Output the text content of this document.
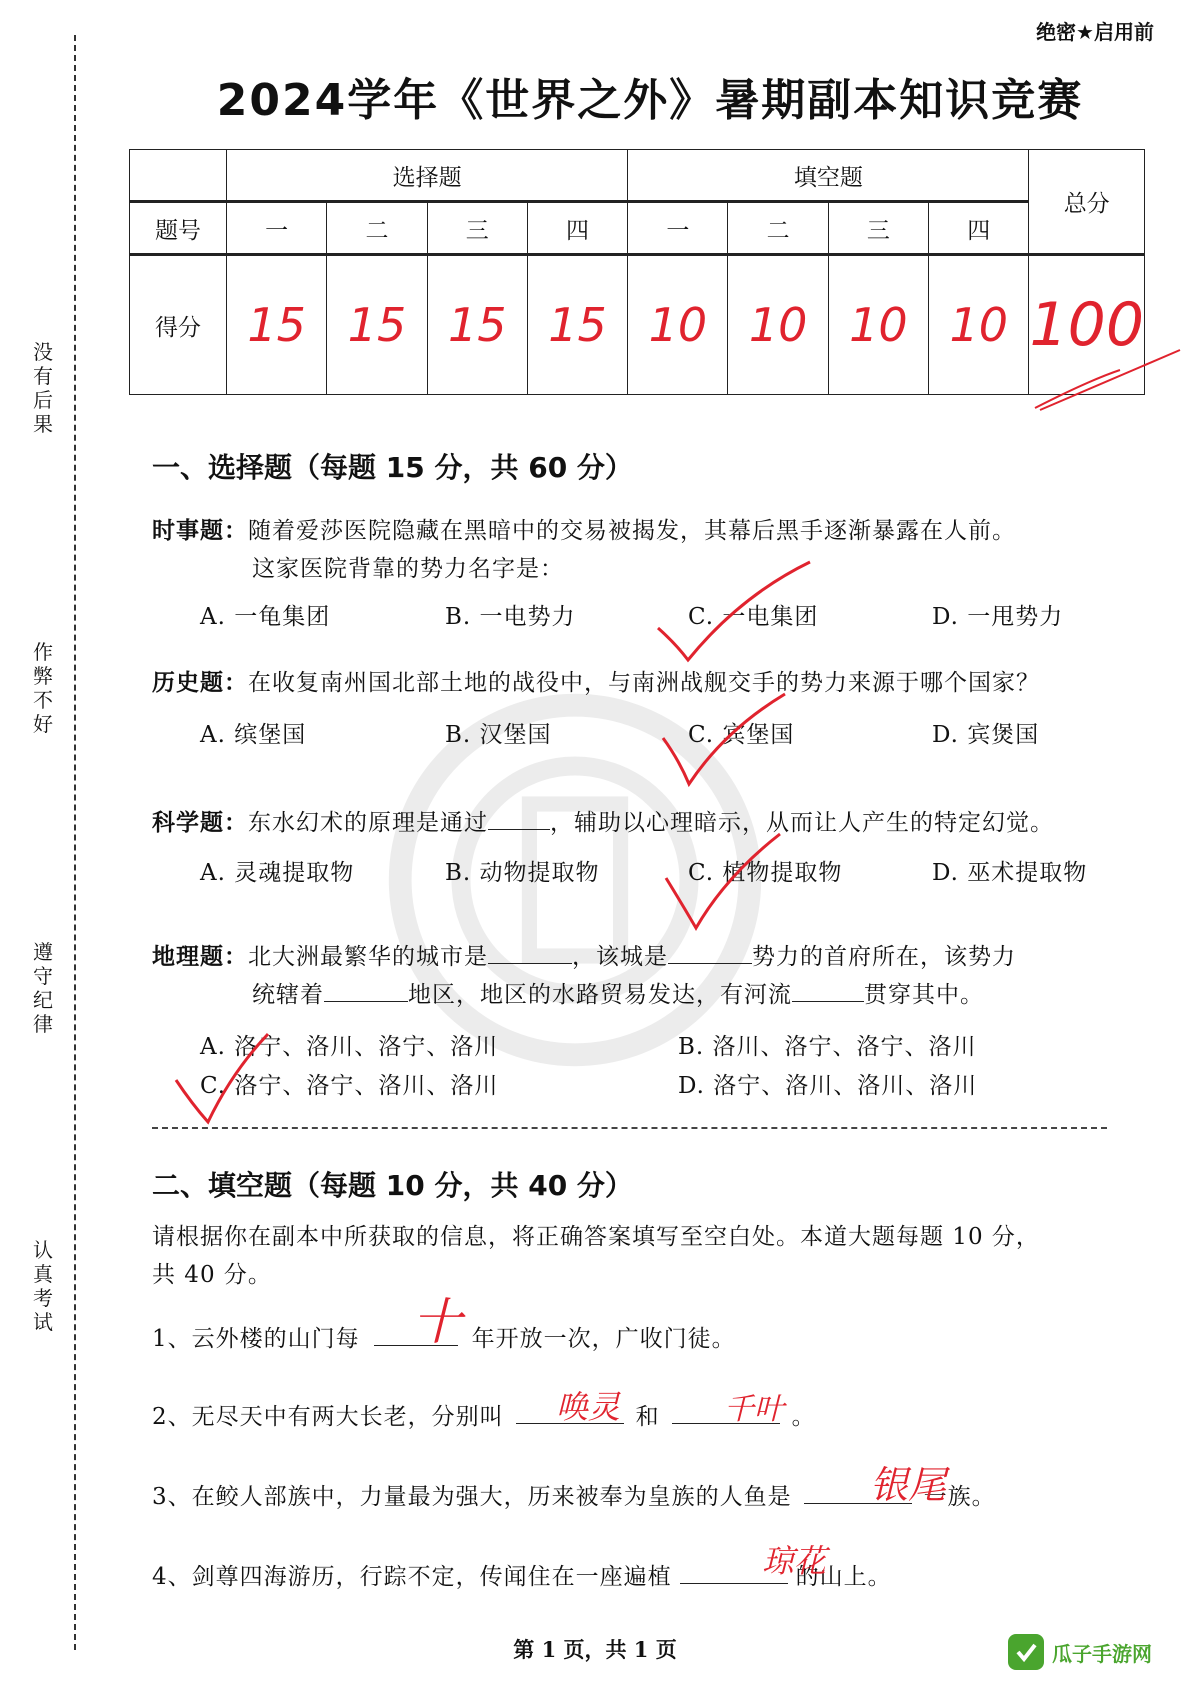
没有后果
作弊不好
遵守纪律
认真考试
绝密★启用前
2024学年《世界之外》暑期副本知识竞赛
	选择题				填空题				总分
题号	一	二	三	四	一	二	三	四	
得分	15	15	15	15	10	10	10	10	100
一、选择题（每题 15 分，共 60 分）
时事题：随着爱莎医院隐藏在黑暗中的交易被揭发，其幕后黑手逐渐暴露在人前。
这家医院背靠的势力名字是：
A. 一龟集团	B. 一电势力	C. 一电集团	D. 一甩势力
历史题：在收复南州国北部土地的战役中，与南洲战舰交手的势力来源于哪个国家？
A. 缤堡国	B. 汉堡国	C. 宾堡国	D. 宾煲国
科学题：东水幻术的原理是通过	，辅助以心理暗示，从而让人产生的特定幻觉。
A. 灵魂提取物	B. 动物提取物	C. 植物提取物	D. 巫术提取物
地理题：北大洲最繁华的城市是	，该城是	势力的首府所在，该势力
统辖着	地区，地区的水路贸易发达，有河流	贯穿其中。
A. 洛宁、洛川、洛宁、洛川	B. 洛川、洛宁、洛宁、洛川
C. 洛宁、洛宁、洛川、洛川	D. 洛宁、洛川、洛川、洛川
二、填空题（每题 10 分，共 40 分）
请根据你在副本中所获取的信息，将正确答案填写至空白处。本道大题每题 10 分，
共 40 分。
1、云外楼的山门每	年开放一次，广收门徒。
十
2、无尽天中有两大长老，分别叫	和	。
唤灵	千叶
3、在鲛人部族中，力量最为强大，历来被奉为皇族的人鱼是	一族。
银尾
4、剑尊四海游历，行踪不定，传闻住在一座遍植	的山上。
琼花
第 1 页，共 1 页	瓜子手游网
